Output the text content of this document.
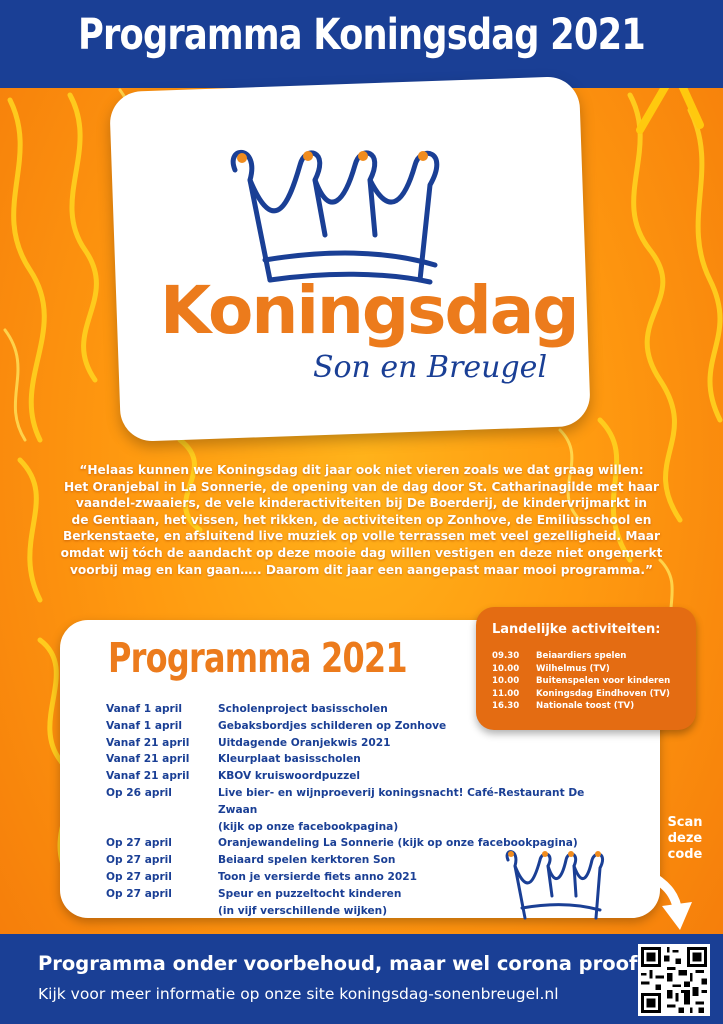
Programma Koningsdag 2021
Koningsdag
Son en Breugel
“Helaas kunnen we Koningsdag dit jaar ook niet vieren zoals we dat graag willen:
Het Oranjebal in La Sonnerie, de opening van de dag door St. Catharinagilde met haar
vaandel-zwaaiers, de vele kinderactiviteiten bij De Boerderij, de kindervrijmarkt in
de Gentiaan, het vissen, het rikken, de activiteiten op Zonhove, de Emiliusschool en
Berkenstaete, en afsluitend live muziek op volle terrassen met veel gezelligheid. Maar
omdat wij tóch de aandacht op deze mooie dag willen vestigen en deze niet ongemerkt
voorbij mag en kan gaan….. Daarom dit jaar een aangepast maar mooi programma.”
Programma 2021
Vanaf 1 april	Scholenproject basisscholen
Vanaf 1 april	Gebaksbordjes schilderen op Zonhove
Vanaf 21 april	Uitdagende Oranjekwis 2021
Vanaf 21 april	Kleurplaat basisscholen
Vanaf 21 april	KBOV kruiswoordpuzzel
Op 26 april	Live bier- en wijnproeverij koningsnacht! Café-Restaurant De Zwaan
(kijk op onze facebookpagina)
Op 27 april	Oranjewandeling La Sonnerie (kijk op onze facebookpagina)
Op 27 april	Beiaard spelen kerktoren Son
Op 27 april	Toon je versierde fiets anno 2021
Op 27 april	Speur en puzzeltocht kinderen
(in vijf verschillende wijken)
Landelijke activiteiten:
09.30	Beiaardiers spelen
10.00	Wilhelmus (TV)
10.00	Buitenspelen voor kinderen
11.00	Koningsdag Eindhoven (TV)
16.30	Nationale toost (TV)
Scan
deze
code
Programma onder voorbehoud, maar wel corona proof
Kijk voor meer informatie op onze site koningsdag-sonenbreugel.nl
